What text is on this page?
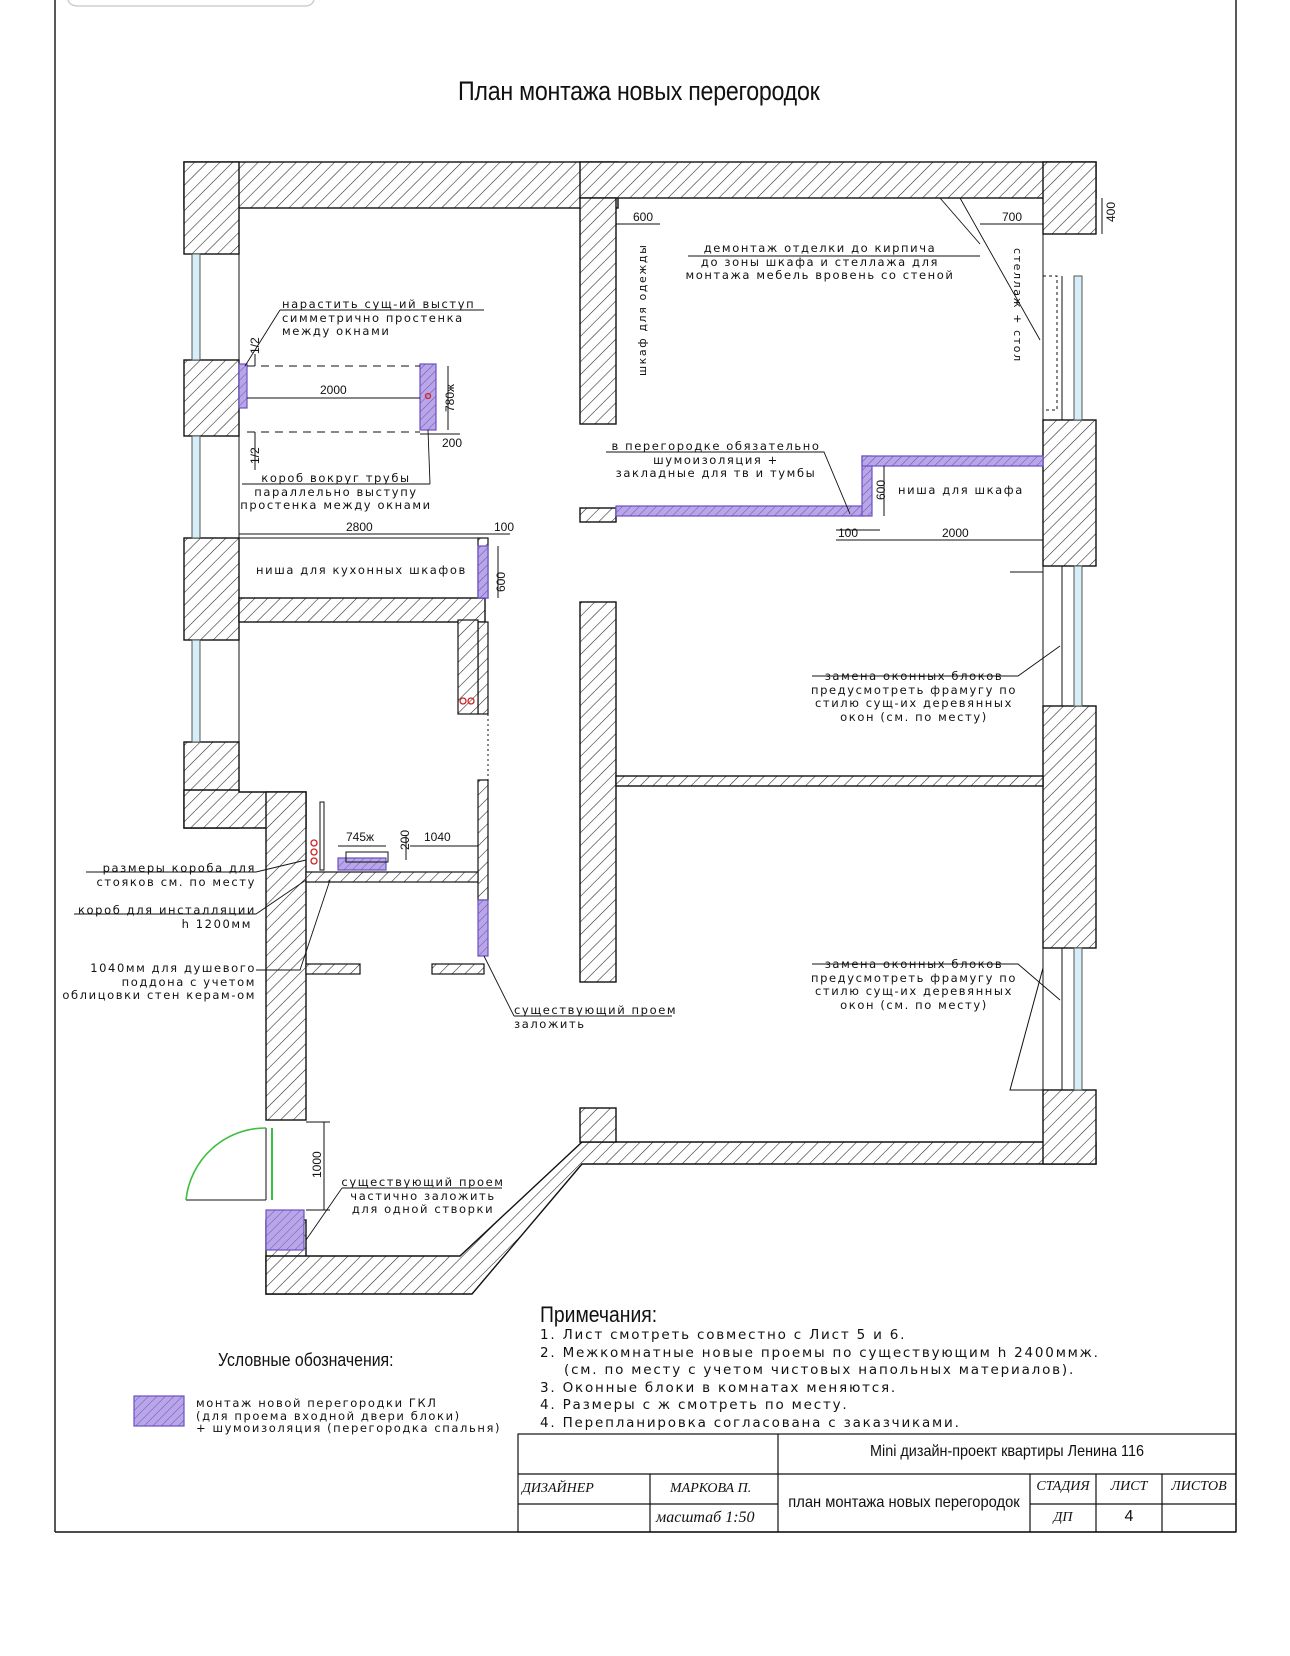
План монтажа новых перегородок
600	700	400
2000	780ж
200
1/2
1/2
2800	100
600
600
100	2000
745ж 200 1040
1000
шкаф для одежды	стеллаж + стол
демонтаж отделки до кирпича
до зоны шкафа и стеллажа для
монтажа мебель вровень со стеной
нарастить сущ-ий выступ
симметрично простенка
между окнами
короб вокруг трубы
параллельно выступу
простенка между окнами
ниша для кухонных шкафов
в перегородке обязательно
шумоизоляция +
закладные для тв и тумбы
ниша для шкафа
замена оконных блоков
предусмотреть фрамугу по
стилю сущ-их деревянных
окон (см. по месту)
замена оконных блоков
предусмотреть фрамугу по
стилю сущ-их деревянных
окон (см. по месту)
размеры короба для
стояков см. по месту
короб для инсталляции
h 1200мм
1040мм для душевого
поддона с учетом
облицовки стен керам-ом
существующий проем
заложить
существующий проем
частично заложить
для одной створки
Примечания:
1. Лист смотреть совместно с Лист 5 и 6.
2. Межкомнатные новые проемы по существующим h 2400ммж.
(см. по месту с учетом чистовых напольных материалов).
3. Оконные блоки в комнатах меняются.
4. Размеры с ж смотреть по месту.
4. Перепланировка согласована с заказчиками.
Условные обозначения:
монтаж новой перегородки ГКЛ
(для проема входной двери блоки)
+ шумоизоляция (перегородка спальня)
Mini дизайн-проект квартиры Ленина 116
ДИЗАЙНЕР	МАРКОВА П.
масштаб 1:50
план монтажа новых перегородок
СТАДИЯ	ЛИСТ	ЛИСТОВ
ДП	4
